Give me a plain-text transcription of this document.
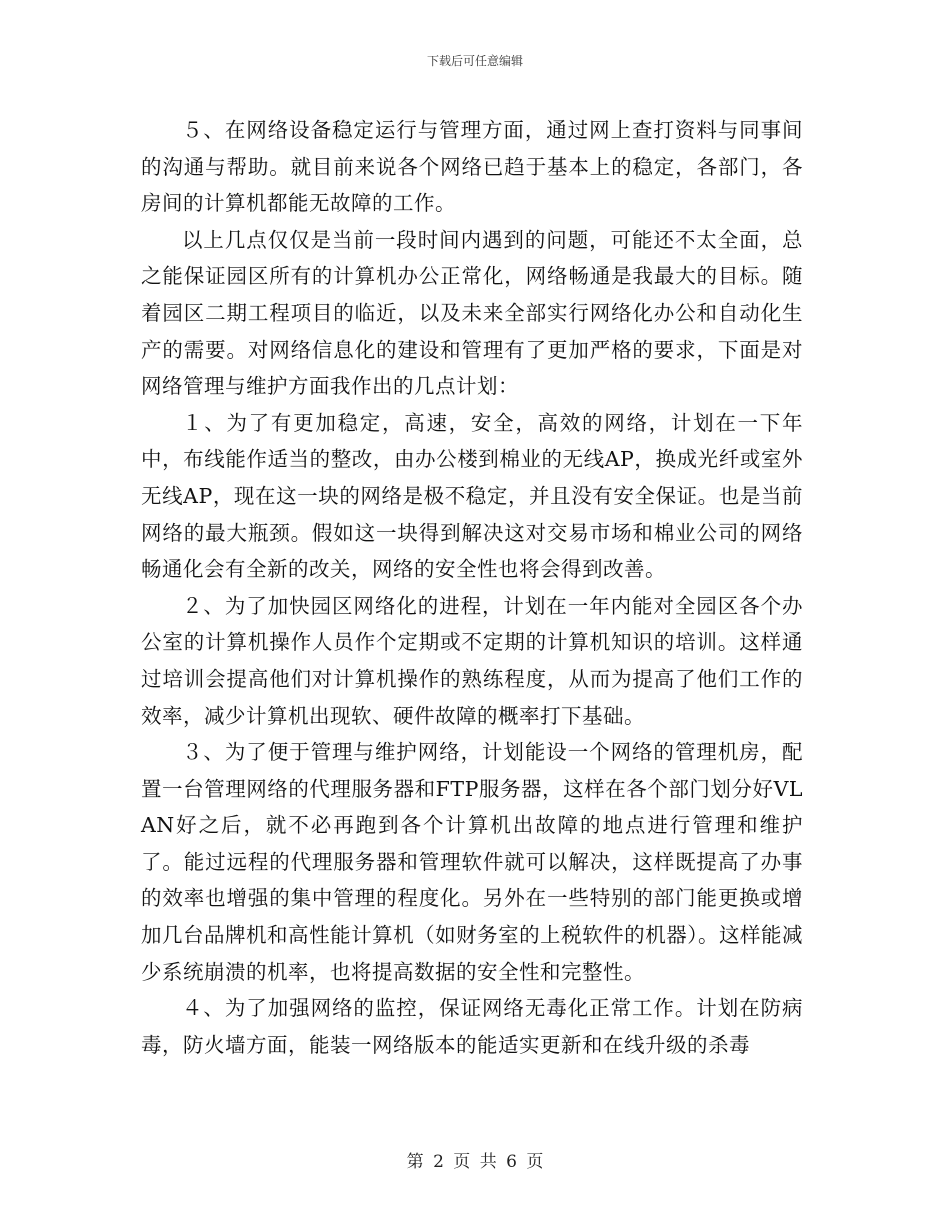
下载后可任意编辑

５、在网络设备稳定运行与管理方面，通过网上查打资料与同事间的沟通与帮助。就目前来说各个网络已趋于基本上的稳定，各部门，各房间的计算机都能无故障的工作。

以上几点仅仅是当前一段时间内遇到的问题，可能还不太全面，总之能保证园区所有的计算机办公正常化，网络畅通是我最大的目标。随着园区二期工程项目的临近，以及未来全部实行网络化办公和自动化生产的需要。对网络信息化的建设和管理有了更加严格的要求，下面是对网络管理与维护方面我作出的几点计划：

１、为了有更加稳定，高速，安全，高效的网络，计划在一下年中，布线能作适当的整改，由办公楼到棉业的无线AP，换成光纤或室外无线AP，现在这一块的网络是极不稳定，并且没有安全保证。也是当前网络的最大瓶颈。假如这一块得到解决这对交易市场和棉业公司的网络畅通化会有全新的改关，网络的安全性也将会得到改善。

２、为了加快园区网络化的进程，计划在一年内能对全园区各个办公室的计算机操作人员作个定期或不定期的计算机知识的培训。这样通过培训会提高他们对计算机操作的熟练程度，从而为提高了他们工作的效率，减少计算机出现软、硬件故障的概率打下基础。

３、为了便于管理与维护网络，计划能设一个网络的管理机房，配置一台管理网络的代理服务器和FTP服务器，这样在各个部门划分好VLAN好之后，就不必再跑到各个计算机出故障的地点进行管理和维护了。能过远程的代理服务器和管理软件就可以解决，这样既提高了办事的效率也增强的集中管理的程度化。另外在一些特别的部门能更换或增加几台品牌机和高性能计算机（如财务室的上税软件的机器）。这样能减少系统崩溃的机率，也将提高数据的安全性和完整性。

４、为了加强网络的监控，保证网络无毒化正常工作。计划在防病毒，防火墙方面，能装一网络版本的能适实更新和在线升级的杀毒

第 2 页 共 6 页
